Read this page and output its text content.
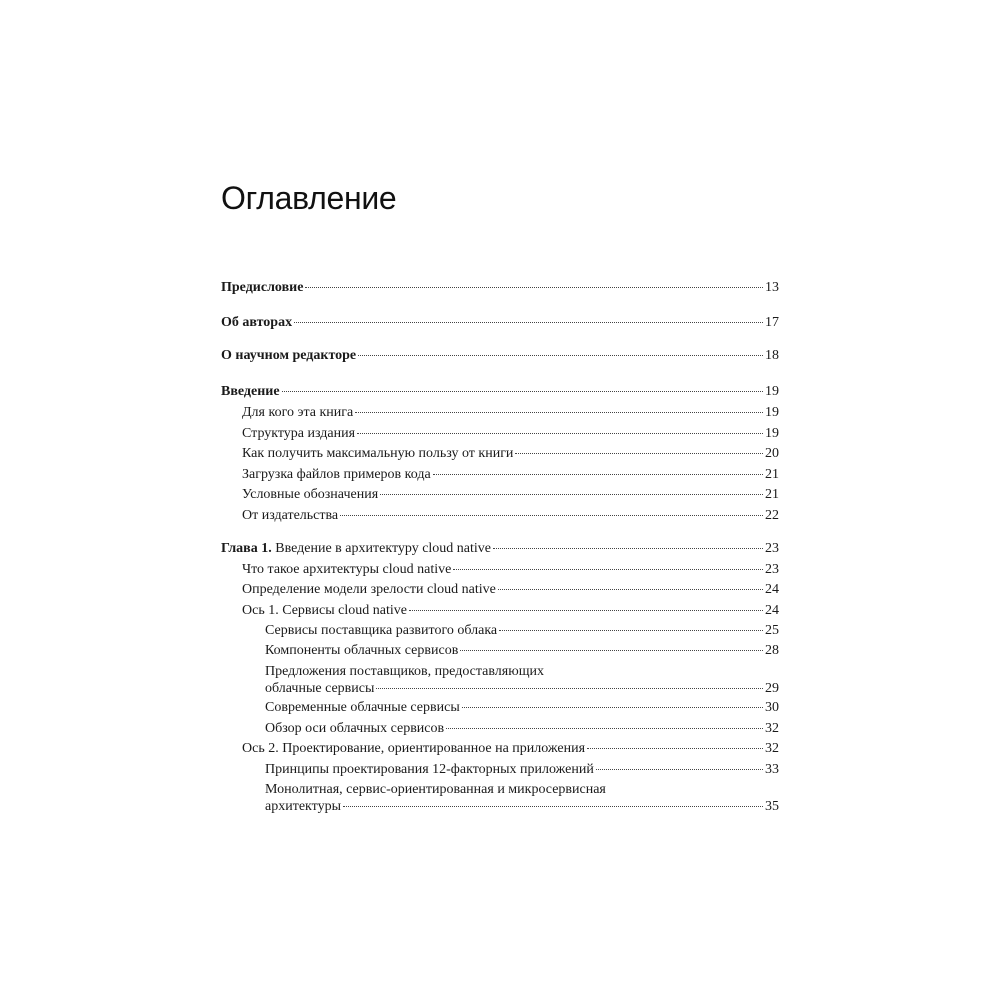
Оглавление
Предисловие	13
Об авторах	17
О научном редакторе	18
Введение	19
Для кого эта книга	19
Структура издания	19
Как получить максимальную пользу от книги	20
Загрузка файлов примеров кода	21
Условные обозначения	21
От издательства	22
Глава 1. Введение в архитектуру cloud native	23
Что такое архитектуры cloud native	23
Определение модели зрелости cloud native	24
Ось 1. Сервисы cloud native	24
Сервисы поставщика развитого облака	25
Компоненты облачных сервисов	28
Предложения поставщиков, предоставляющих
облачные сервисы	29
Современные облачные сервисы	30
Обзор оси облачных сервисов	32
Ось 2. Проектирование, ориентированное на приложения	32
Принципы проектирования 12-факторных приложений	33
Монолитная, сервис-ориентированная и микросервисная
архитектуры	35
